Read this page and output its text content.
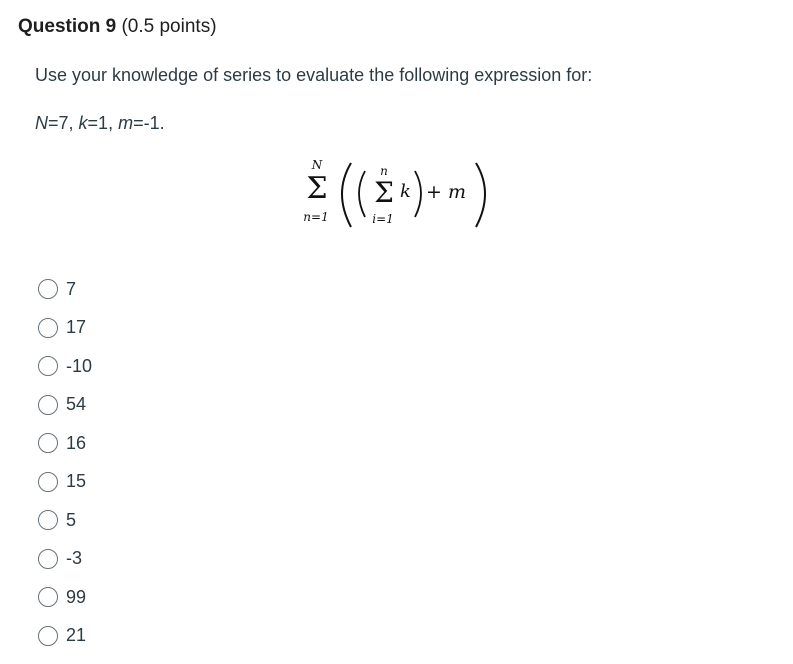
Question 9 (0.5 points)
Use your knowledge of series to evaluate the following expression for:
N=7, k=1, m=-1.
N
Σ
n=1
n
Σ
i=1
k + m
7
17
-10
54
16
15
5
-3
99
21
